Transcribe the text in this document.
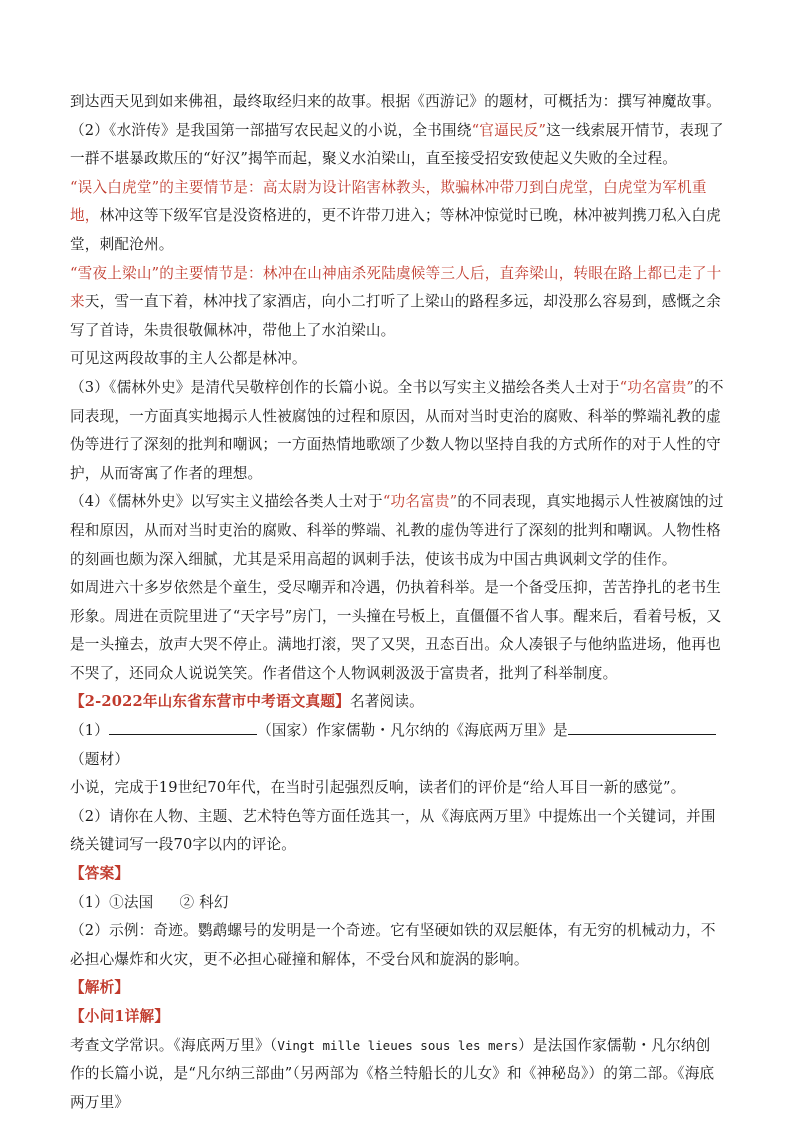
到达西天见到如来佛祖，最终取经归来的故事。根据《西游记》的题材，可概括为：撰写神魔故事。

（2）《水浒传》是我国第一部描写农民起义的小说，全书围绕“官逼民反”这一线索展开情节，表现了一群不堪暴政欺压的“好汉”揭竿而起，聚义水泊梁山，直至接受招安致使起义失败的全过程。

“误入白虎堂”的主要情节是：高太尉为设计陷害林教头，欺骗林冲带刀到白虎堂，白虎堂为军机重地，林冲这等下级军官是没资格进的，更不许带刀进入；等林冲惊觉时已晚，林冲被判携刀私入白虎堂，刺配沧州。

“雪夜上梁山”的主要情节是：林冲在山神庙杀死陆虞候等三人后，直奔梁山，转眼在路上都已走了十来天，雪一直下着，林冲找了家酒店，向小二打听了上梁山的路程多远，却没那么容易到，感慨之余写了首诗，朱贵很敬佩林冲，带他上了水泊梁山。

可见这两段故事的主人公都是林冲。

（3）《儒林外史》是清代吴敬梓创作的长篇小说。全书以写实主义描绘各类人士对于“功名富贵”的不同表现，一方面真实地揭示人性被腐蚀的过程和原因，从而对当时吏治的腐败、科举的弊端礼教的虚伪等进行了深刻的批判和嘲讽；一方面热情地歌颂了少数人物以坚持自我的方式所作的对于人性的守护，从而寄寓了作者的理想。

（4）《儒林外史》以写实主义描绘各类人士对于“功名富贵”的不同表现，真实地揭示人性被腐蚀的过程和原因，从而对当时吏治的腐败、科举的弊端、礼教的虚伪等进行了深刻的批判和嘲讽。人物性格的刻画也颇为深入细腻，尤其是采用高超的讽刺手法，使该书成为中国古典讽刺文学的佳作。

如周进六十多岁依然是个童生，受尽嘲弄和冷遇，仍执着科举。是一个备受压抑，苦苦挣扎的老书生形象。周进在贡院里进了“天字号”房门，一头撞在号板上，直僵僵不省人事。醒来后，看着号板，又是一头撞去，放声大哭不停止。满地打滚，哭了又哭，丑态百出。众人凑银子与他纳监进场，他再也不哭了，还同众人说说笑笑。作者借这个人物讽刺汲汲于富贵者，批判了科举制度。

【2-2022年山东省东营市中考语文真题】名著阅读。

（1）	（国家）作家儒勒・凡尔纳的《海底两万里》是（题材）
小说，完成于19世纪70年代，在当时引起强烈反响，读者们的评价是“给人耳目一新的感觉”。

（2）请你在人物、主题、艺术特色等方面任选其一，从《海底两万里》中提炼出一个关键词，并围绕关键词写一段70字以内的评论。

【答案】

（1）①法国 ② 科幻

（2）示例：奇迹。鹦鹉螺号的发明是一个奇迹。它有坚硬如铁的双层艇体，有无穷的机械动力，不必担心爆炸和火灾，更不必担心碰撞和解体，不受台风和旋涡的影响。

【解析】

【小问1详解】

考查文学常识。《海底两万里》（Vingt mille lieues sous les mers）是法国作家儒勒・凡尔纳创作的长篇小说，是“凡尔纳三部曲”（另两部为《格兰特船长的儿女》和《神秘岛》）的第二部。《海底两万里》
